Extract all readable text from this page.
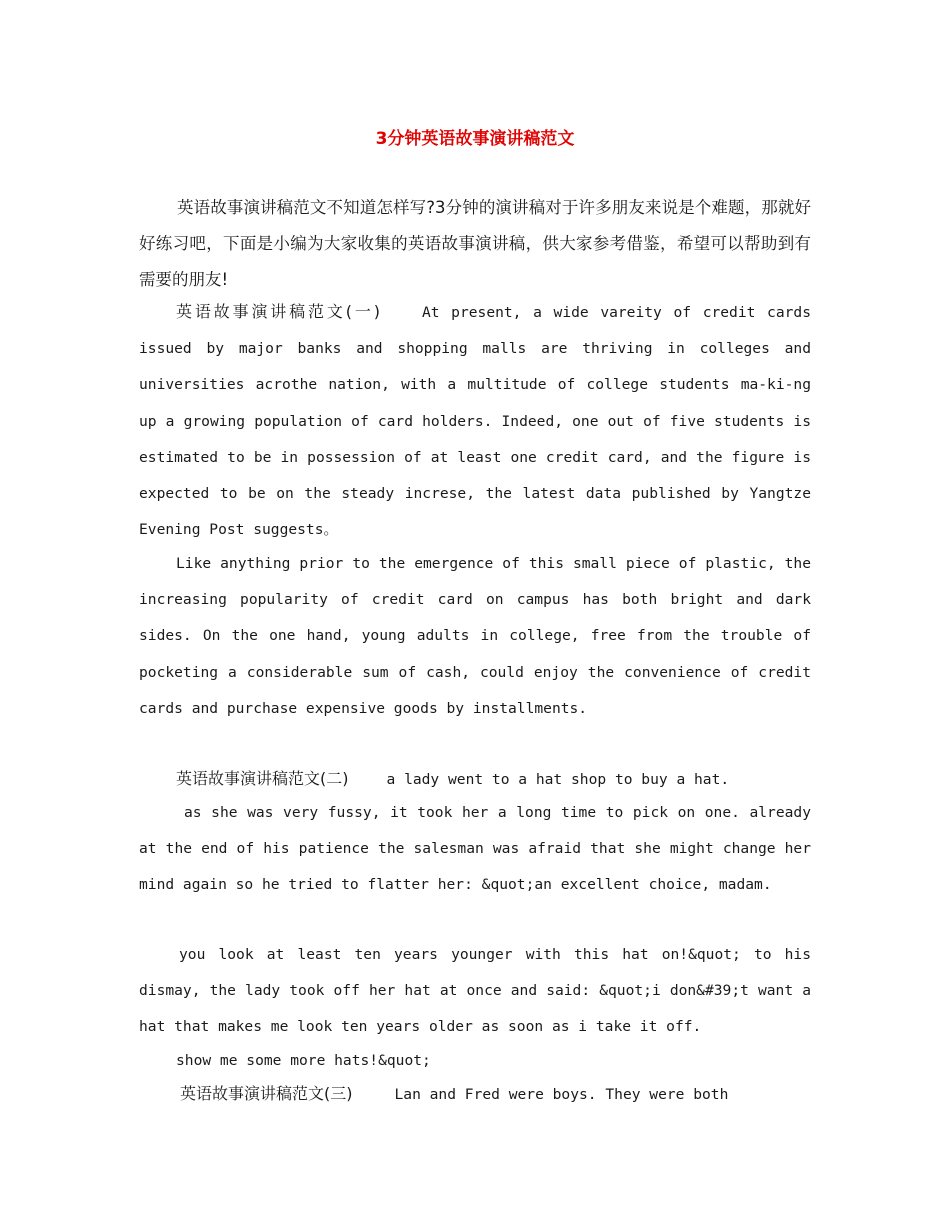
3分钟英语故事演讲稿范文

英语故事演讲稿范文不知道怎样写?3分钟的演讲稿对于许多朋友来说是个难题，那就好好练习吧，下面是小编为大家收集的英语故事演讲稿，供大家参考借鉴，希望可以帮助到有需要的朋友!

英语故事演讲稿范文(一)	At present, a wide vareity of credit cards issued by major banks and shopping malls are thriving in colleges and universities acrothe nation, with a multitude of college students ma-ki-ng up a growing population of card holders. Indeed, one out of five students is estimated to be in possession of at least one credit card, and the figure is expected to be on the steady increse, the latest data published by Yangtze Evening Post suggests。

Like anything prior to the emergence of this small piece of plastic, the increasing popularity of credit card on campus has both bright and dark sides. On the one hand, young adults in college, free from the trouble of pocketing a considerable sum of cash, could enjoy the convenience of credit cards and purchase expensive goods by installments.

英语故事演讲稿范文(二)	a lady went to a hat shop to buy a hat.

as she was very fussy, it took her a long time to pick on one. already at the end of his patience the salesman was afraid that she might change her mind again so he tried to flatter her: &quot;an excellent choice, madam.

you look at least ten years younger with this hat on!&quot; to his dismay, the lady took off her hat at once and said: &quot;i don&#39;t want a hat that makes me look ten years older as soon as i take it off.

show me some more hats!&quot;

英语故事演讲稿范文(三)	Lan and Fred were boys. They were both
